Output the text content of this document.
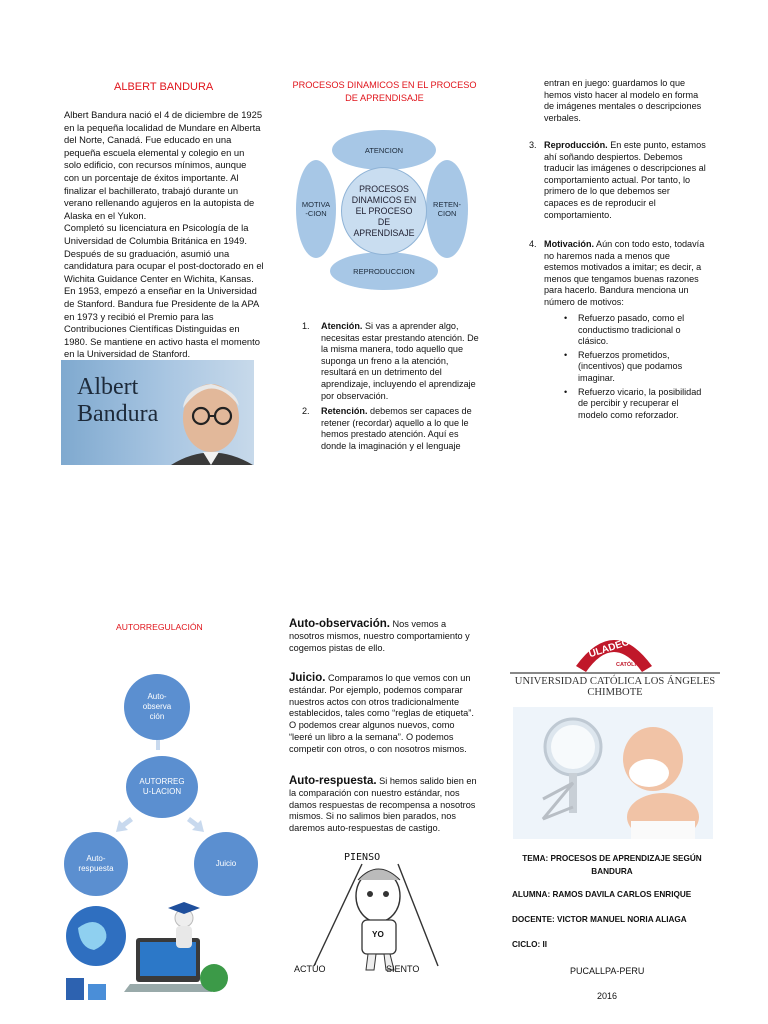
ALBERT BANDURA

Albert Bandura nació el 4 de diciembre de 1925 en la pequeña localidad de Mundare en Alberta del Norte, Canadá. Fue educado en una pequeña escuela elemental y colegio en un solo edificio, con recursos mínimos, aunque con un porcentaje de éxitos importante. Al finalizar el bachillerato, trabajó durante un verano rellenando agujeros en la autopista de Alaska en el Yukon.

Completó su licenciatura en Psicología de la Universidad de Columbia Británica en 1949. Después de su graduación, asumió una candidatura para ocupar el post-doctorado en el Wichita Guidance Center en Wichita, Kansas. En 1953, empezó a enseñar en la Universidad de Stanford. Bandura fue Presidente de la APA en 1973 y recibió el Premio para las Contribuciones Científicas Distinguidas en 1980. Se mantiene en activo hasta el momento en la Universidad de Stanford.

Albert
Bandura
PROCESOS DINAMICOS EN EL PROCESO DE APRENDISAJE
ATENCION
MOTIVA
-CION
RETEN-
CION
REPRODUCCION
PROCESOS DINAMICOS EN EL PROCESO DE APRENDISAJE
1. Atención. Si vas a aprender algo, necesitas estar prestando atención. De la misma manera, todo aquello que suponga un freno a la atención, resultará en un detrimento del aprendizaje, incluyendo el aprendizaje por observación.
2. Retención. debemos ser capaces de retener (recordar) aquello a lo que le hemos prestado atención. Aquí es donde la imaginación y el lenguaje
entran en juego: guardamos lo que hemos visto hacer al modelo en forma de imágenes mentales o descripciones verbales.
3. Reproducción. En este punto, estamos ahí soñando despiertos. Debemos traducir las imágenes o descripciones al comportamiento actual. Por tanto, lo primero de lo que debemos ser capaces es de reproducir el comportamiento.
4. Motivación. Aún con todo esto, todavía no haremos nada a menos que estemos motivados a imitar; es decir, a menos que tengamos buenas razones para hacerlo. Bandura menciona un número de motivos:
• Refuerzo pasado, como el conductismo tradicional o clásico.
• Refuerzos prometidos, (incentivos) que podamos imaginar.
• Refuerzo vicario, la posibilidad de percibir y recuperar el modelo como reforzador.
AUTORREGULACIÓN
Auto-
observa
ción
AUTORREG
U-LACION
Auto-
respuesta
Juicio
Auto-observación. Nos vemos a nosotros mismos, nuestro comportamiento y cogemos pistas de ello.
Juicio. Comparamos lo que vemos con un estándar. Por ejemplo, podemos comparar nuestros actos con otros tradicionalmente establecidos, tales como “reglas de etiqueta”. O podemos crear algunos nuevos, como “leeré un libro a la semana”. O podemos competir con otros, o con nosotros mismos.
Auto-respuesta. Si hemos salido bien en la comparación con nuestro estándar, nos damos respuestas de recompensa a nosotros mismos. Si no salimos bien parados, nos daremos auto-respuestas de castigo.
PIENSO
YO
ACTÚO	SIENTO
ULADECH
CATÓLICA
UNIVERSIDAD CATÓLICA LOS ÁNGELES
CHIMBOTE
TEMA: PROCESOS DE APRENDIZAJE SEGÚN BANDURA
ALUMNA: RAMOS DAVILA CARLOS ENRIQUE
DOCENTE: VICTOR MANUEL NORIA ALIAGA
CICLO: II
PUCALLPA-PERU
2016
